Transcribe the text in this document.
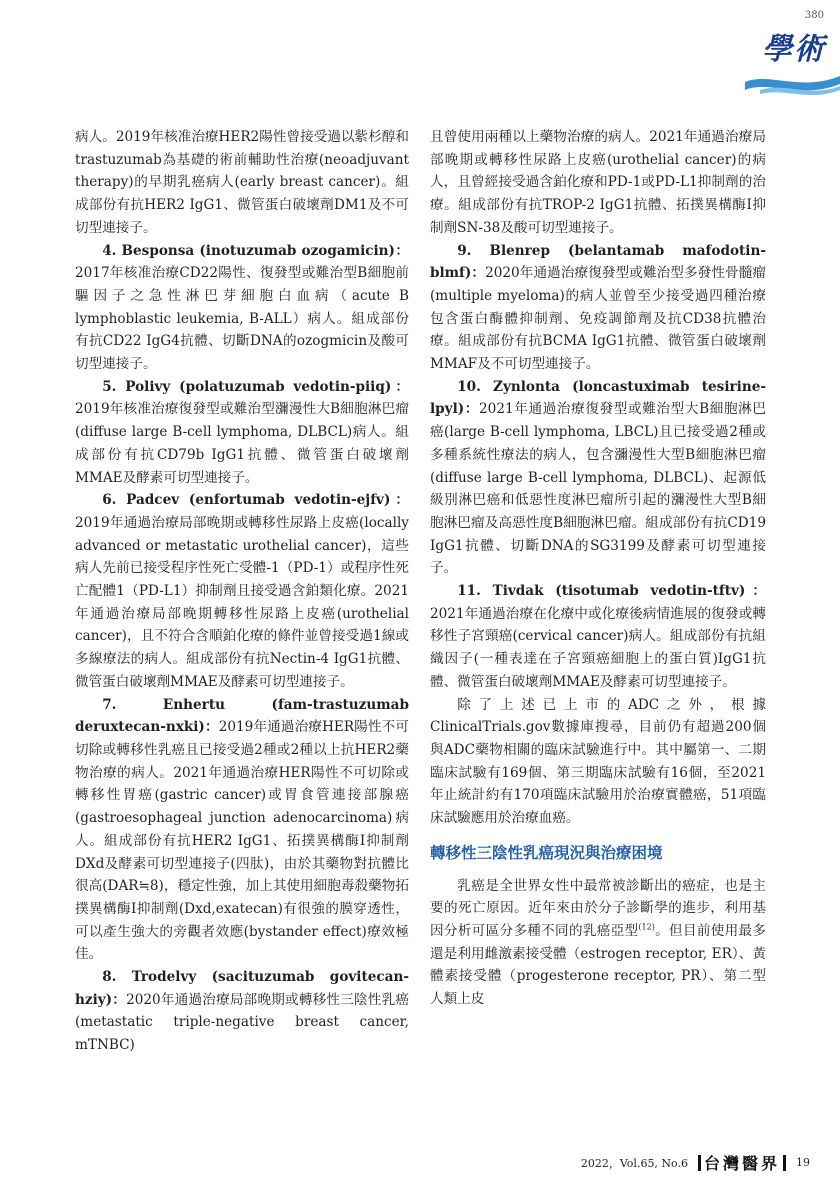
380
學術

病人。2019年核准治療HER2陽性曾接受過以紫杉醇和trastuzumab為基礎的術前輔助性治療(neoadjuvant therapy)的早期乳癌病人(early breast cancer)。組成部份有抗HER2 IgG1、微管蛋白破壞劑DM1及不可切型連接子。

4. Besponsa (inotuzumab ozogamicin)：2017年核准治療CD22陽性、復發型或難治型B細胞前驅因子之急性淋巴芽細胞白血病（acute B lymphoblastic leukemia, B-ALL）病人。組成部份有抗CD22 IgG4抗體、切斷DNA的ozogmicin及酸可切型連接子。

5. Polivy (polatuzumab vedotin-piiq)：2019年核准治療復發型或難治型瀰漫性大B細胞淋巴瘤(diffuse large B-cell lymphoma, DLBCL)病人。組成部份有抗CD79b IgG1抗體、微管蛋白破壞劑MMAE及酵素可切型連接子。

6. Padcev (enfortumab vedotin-ejfv)：2019年通過治療局部晚期或轉移性尿路上皮癌(locally advanced or metastatic urothelial cancer)，這些病人先前已接受程序性死亡受體-1（PD-1）或程序性死亡配體1（PD-L1）抑制劑且接受過含鉑類化療。2021年通過治療局部晚期轉移性尿路上皮癌(urothelial cancer)，且不符合含順鉑化療的條件並曾接受過1線或多線療法的病人。組成部份有抗Nectin-4 IgG1抗體、微管蛋白破壞劑MMAE及酵素可切型連接子。

7. Enhertu (fam-trastuzumab deruxtecan-nxki)：2019年通過治療HER陽性不可切除或轉移性乳癌且已接受過2種或2種以上抗HER2藥物治療的病人。2021年通過治療HER陽性不可切除或轉移性胃癌(gastric cancer)或胃食管連接部腺癌(gastroesophageal junction adenocarcinoma)病人。組成部份有抗HER2 IgG1、拓撲異構酶I抑制劑DXd及酵素可切型連接子(四肽)，由於其藥物對抗體比很高(DAR≒8)，穩定性強，加上其使用細胞毒殺藥物拓撲異構酶I抑制劑(Dxd,exatecan)有很強的膜穿透性，可以產生強大的旁觀者效應(bystander effect)療效極佳。

8. Trodelvy (sacituzumab govitecan-hziy)：2020年通過治療局部晚期或轉移性三陰性乳癌(metastatic triple-negative breast cancer, mTNBC)

且曾使用兩種以上藥物治療的病人。2021年通過治療局部晚期或轉移性尿路上皮癌(urothelial cancer)的病人，且曾經接受過含鉑化療和PD-1或PD-L1抑制劑的治療。組成部份有抗TROP-2 IgG1抗體、拓撲異構酶I抑制劑SN-38及酸可切型連接子。

9. Blenrep (belantamab mafodotin-blmf)：2020年通過治療復發型或難治型多發性骨髓瘤(multiple myeloma)的病人並曾至少接受過四種治療包含蛋白酶體抑制劑、免疫調節劑及抗CD38抗體治療。組成部份有抗BCMA IgG1抗體、微管蛋白破壞劑MMAF及不可切型連接子。

10. Zynlonta (loncastuximab tesirine-lpyl)：2021年通過治療復發型或難治型大B細胞淋巴癌(large B-cell lymphoma, LBCL)且已接受過2種或多種系統性療法的病人，包含瀰漫性大型B細胞淋巴瘤(diffuse large B-cell lymphoma, DLBCL)、起源低級別淋巴癌和低惡性度淋巴瘤所引起的瀰漫性大型B細胞淋巴瘤及高惡性度B細胞淋巴瘤。組成部份有抗CD19 IgG1抗體、切斷DNA的SG3199及酵素可切型連接子。

11. Tivdak (tisotumab vedotin-tftv)：2021年通過治療在化療中或化療後病情進展的復發或轉移性子宮頸癌(cervical cancer)病人。組成部份有抗組織因子(一種表達在子宮頸癌細胞上的蛋白質)IgG1抗體、微管蛋白破壞劑MMAE及酵素可切型連接子。

除了上述已上市的ADC之外，根據ClinicalTrials.gov數據庫搜尋，目前仍有超過200個與ADC藥物相關的臨床試驗進行中。其中屬第一、二期臨床試驗有169個、第三期臨床試驗有16個，至2021年止統計約有170項臨床試驗用於治療實體癌，51項臨床試驗應用於治療血癌。

轉移性三陰性乳癌現況與治療困境

乳癌是全世界女性中最常被診斷出的癌症，也是主要的死亡原因。近年來由於分子診斷學的進步，利用基因分析可區分多種不同的乳癌亞型$^{(12)}$。但目前使用最多還是利用雌激素接受體（estrogen receptor, ER）、黃體素接受體（progesterone receptor, PR）、第二型人類上皮

2022，Vol.65, No.6 台灣醫界 19
